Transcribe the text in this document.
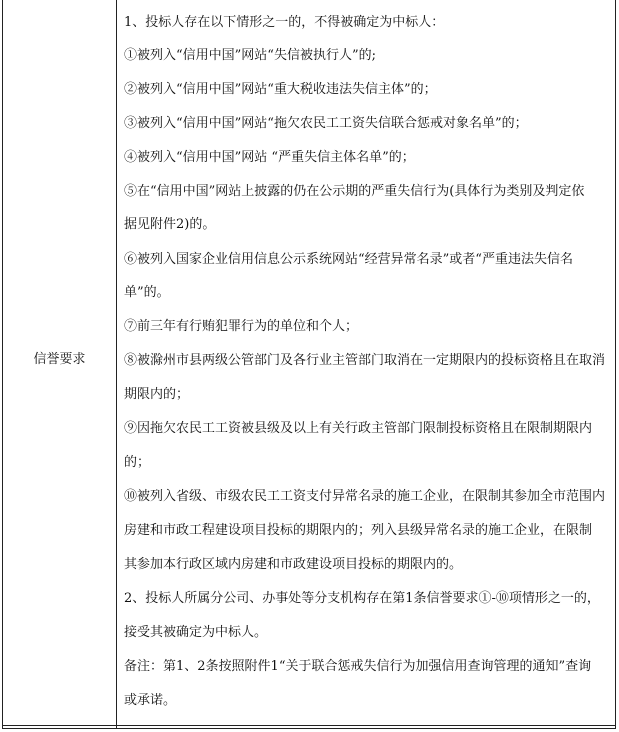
信誉要求
1、投标人存在以下情形之一的，不得被确定为中标人：
①被列入“信用中国”网站“失信被执行人”的;
②被列入“信用中国”网站“重大税收违法失信主体”的；
③被列入“信用中国”网站“拖欠农民工工资失信联合惩戒对象名单”的；
④被列入“信用中国”网站 “严重失信主体名单”的；
⑤在“信用中国”网站上披露的仍在公示期的严重失信行为(具体行为类别及判定依
据见附件2)的。
⑥被列入国家企业信用信息公示系统网站“经营异常名录”或者“严重违法失信名
单”的。
⑦前三年有行贿犯罪行为的单位和个人；
⑧被滁州市县两级公管部门及各行业主管部门取消在一定期限内的投标资格且在取消
期限内的；
⑨因拖欠农民工工资被县级及以上有关行政主管部门限制投标资格且在限制期限内
的；
⑩被列入省级、市级农民工工资支付异常名录的施工企业，在限制其参加全市范围内
房建和市政工程建设项目投标的期限内的；列入县级异常名录的施工企业，在限制
其参加本行政区域内房建和市政建设项目投标的期限内的。
2、投标人所属分公司、办事处等分支机构存在第1条信誉要求①-⑩项情形之一的，
接受其被确定为中标人。
备注：第1、2条按照附件1“关于联合惩戒失信行为加强信用查询管理的通知”查询
或承诺。
